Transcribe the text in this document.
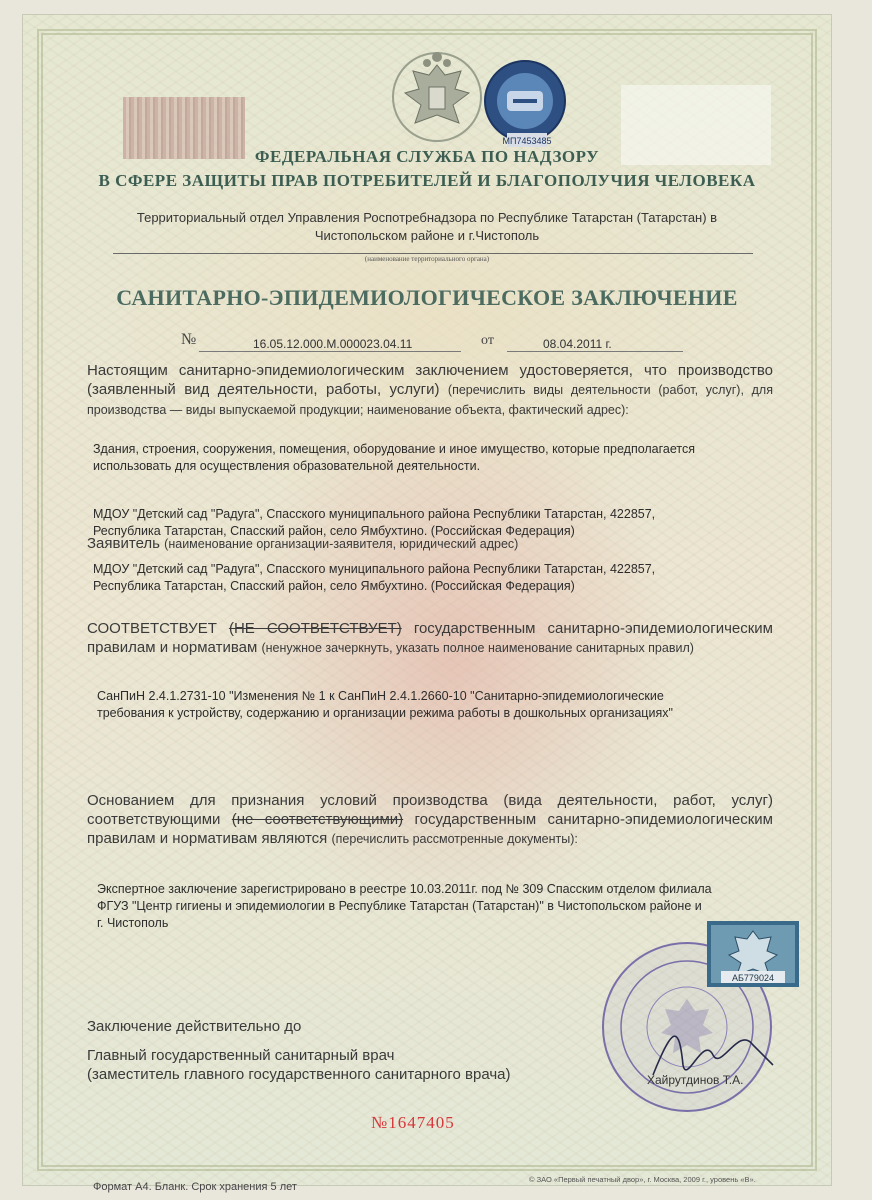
МП7453485
ФЕДЕРАЛЬНАЯ СЛУЖБА ПО НАДЗОРУ
В СФЕРЕ ЗАЩИТЫ ПРАВ ПОТРЕБИТЕЛЕЙ И БЛАГОПОЛУЧИЯ ЧЕЛОВЕКА
Территориальный отдел Управления Роспотребнадзора по Республике Татарстан (Татарстан) в
Чистопольском районе и г.Чистополь
(наименование территориального органа)
САНИТАРНО-ЭПИДЕМИОЛОГИЧЕСКОЕ ЗАКЛЮЧЕНИЕ
№	16.05.12.000.М.000023.04.11	от	08.04.2011 г.
Настоящим санитарно-эпидемиологическим заключением удостоверяется, что производство (заявленный вид деятельности, работы, услуги) (перечислить виды деятельности (работ, услуг), для производства — виды выпускаемой продукции; наименование объекта, фактический адрес):
Здания, строения, сооружения, помещения, оборудование и иное имущество, которые предполагается
использовать для осуществления образовательной деятельности.
МДОУ "Детский сад "Радуга", Спасского муниципального района Республики Татарстан, 422857,
Республика Татарстан, Спасский район, село Ямбухтино. (Российская Федерация)
Заявитель (наименование организации-заявителя, юридический адрес)
МДОУ "Детский сад "Радуга", Спасского муниципального района Республики Татарстан, 422857,
Республика Татарстан, Спасский район, село Ямбухтино. (Российская Федерация)
СООТВЕТСТВУЕТ (НЕ СООТВЕТСТВУЕТ) государственным санитарно-эпидемиологическим правилам и нормативам (ненужное зачеркнуть, указать полное наименование санитарных правил)
СанПиН 2.4.1.2731-10 "Изменения № 1 к СанПиН 2.4.1.2660-10 "Санитарно-эпидемиологические
требования к устройству, содержанию и организации режима работы в дошкольных организациях"
Основанием для признания условий производства (вида деятельности, работ, услуг) соответствующими (не соответствующими) государственным санитарно-эпидемиологическим правилам и нормативам являются (перечислить рассмотренные документы):
Экспертное заключение зарегистрировано в реестре 10.03.2011г. под № 309 Спасским отделом филиала
ФГУЗ "Центр гигиены и эпидемиологии в Республике Татарстан (Татарстан)" в Чистопольском районе и
г. Чистополь
АБ779024
Заключение действительно до
Главный государственный санитарный врач
(заместитель главного государственного санитарного врача)	Хайрутдинов Т.А.
№1647405
Формат А4. Бланк. Срок хранения 5 лет
© ЗАО «Первый печатный двор», г. Москва, 2009 г., уровень «В».
